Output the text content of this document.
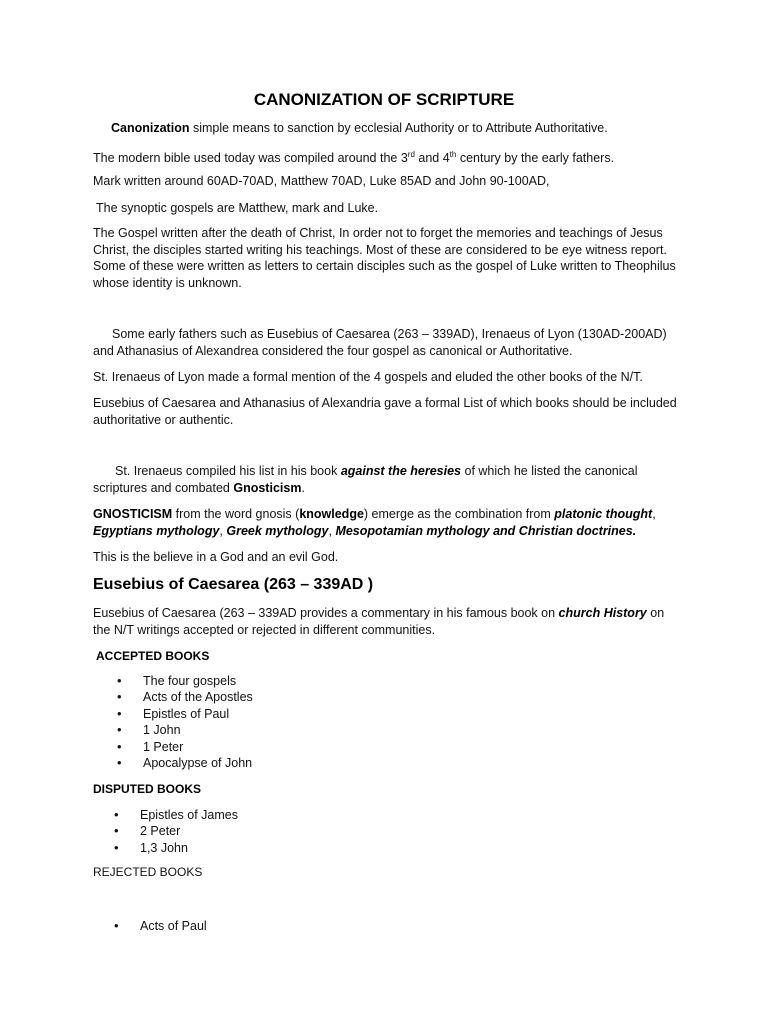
CANONIZATION OF SCRIPTURE
Canonization simple means to sanction by ecclesial Authority or to Attribute Authoritative.
The modern bible used today was compiled around the 3rd and 4th century by the early fathers.
Mark written around 60AD-70AD, Matthew 70AD, Luke 85AD and John 90-100AD,
The synoptic gospels are Matthew, mark and Luke.
The Gospel written after the death of Christ, In order not to forget the memories and teachings of Jesus Christ, the disciples started writing his teachings. Most of these are considered to be eye witness report. Some of these were written as letters to certain disciples such as the gospel of Luke written to Theophilus whose identity is unknown.
Some early fathers such as Eusebius of Caesarea (263 – 339AD), Irenaeus of Lyon (130AD-200AD) and Athanasius of Alexandrea considered the four gospel as canonical or Authoritative.
St. Irenaeus of Lyon made a formal mention of the 4 gospels and eluded the other books of the N/T.
Eusebius of Caesarea and Athanasius of Alexandria gave a formal List of which books should be included authoritative or authentic.
St. Irenaeus compiled his list in his book against the heresies of which he listed the canonical scriptures and combated Gnosticism.
GNOSTICISM from the word gnosis (knowledge) emerge as the combination from platonic thought, Egyptians mythology, Greek mythology, Mesopotamian mythology and Christian doctrines.
This is the believe in a God and an evil God.
Eusebius of Caesarea (263 – 339AD )
Eusebius of Caesarea (263 – 339AD provides a commentary in his famous book on church History on the N/T writings accepted or rejected in different communities.
ACCEPTED BOOKS
• The four gospels
• Acts of the Apostles
• Epistles of Paul
• 1 John
• 1 Peter
• Apocalypse of John
DISPUTED BOOKS
• Epistles of James
• 2 Peter
• 1,3 John
REJECTED BOOKS
• Acts of Paul
